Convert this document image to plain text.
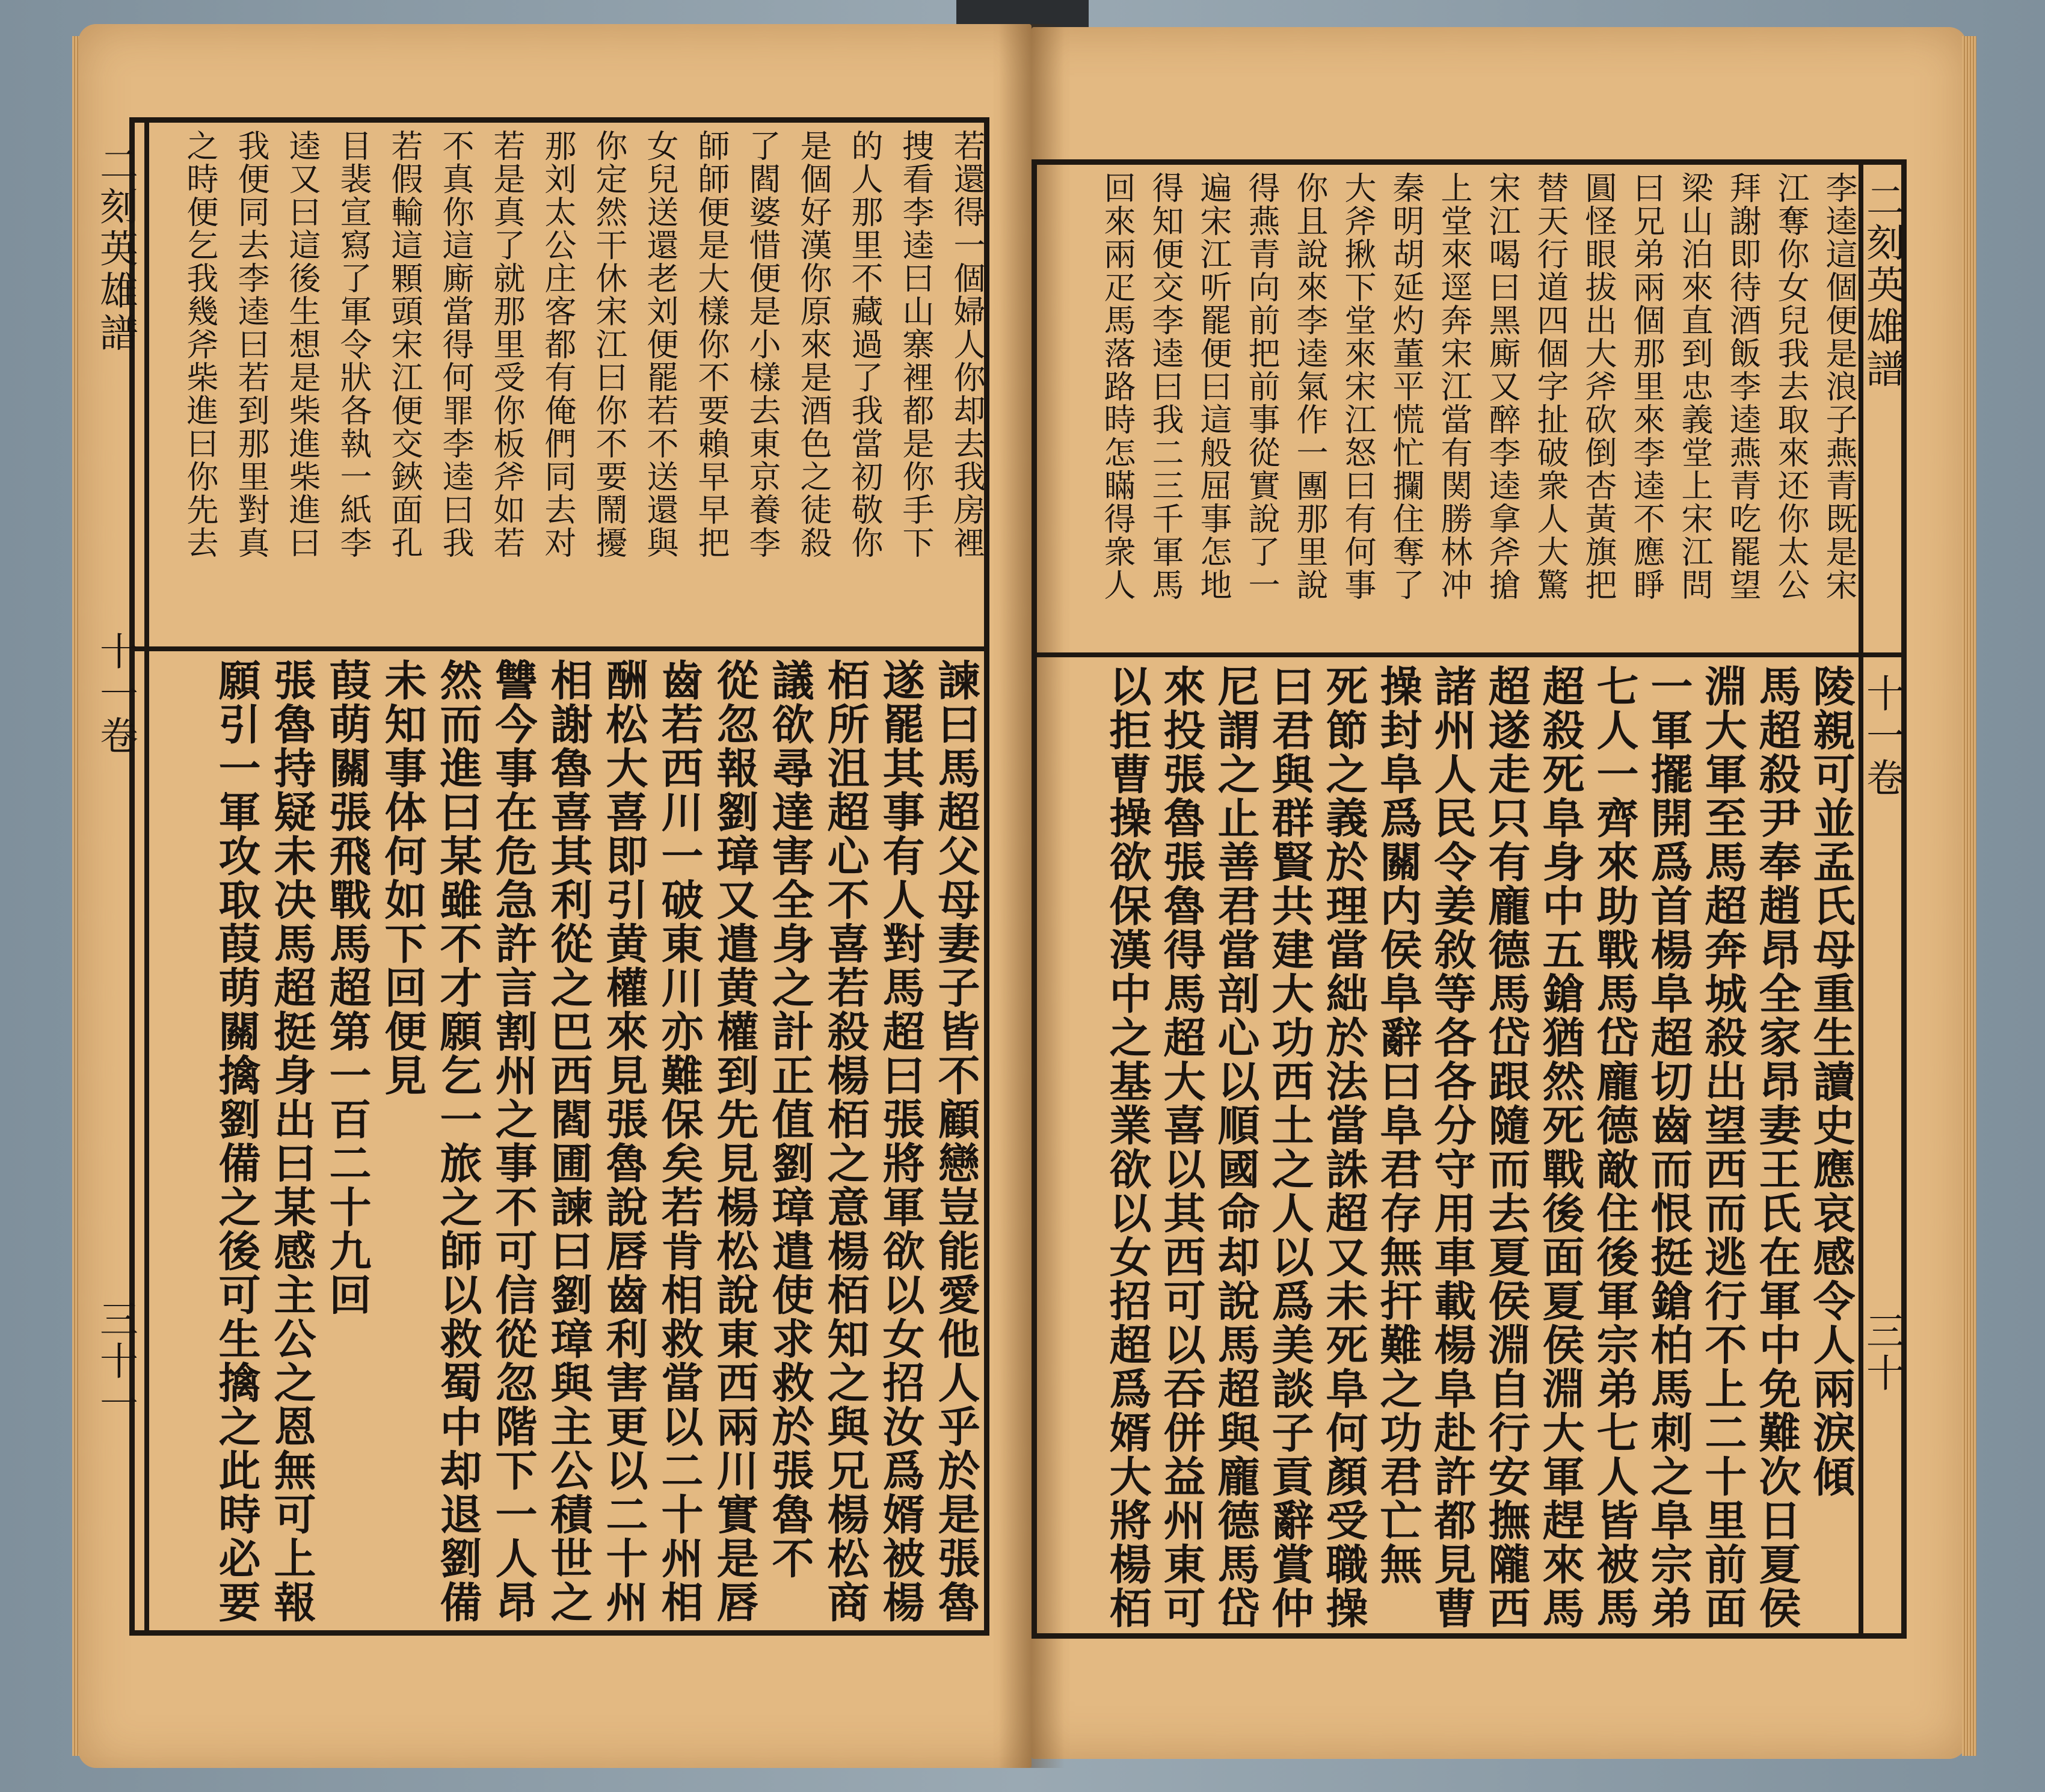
二刻英雄譜
十一卷
三十
二刻英雄譜
十一卷
三十一
李逵這個便是浪子燕青既是宋
江奪你女兒我去取來还你太公
拜謝即待酒飯李逵燕青吃罷望
梁山泊來直到忠義堂上宋江問
曰兄弟兩個那里來李逵不應睜
圓怪眼拔出大斧砍倒杏黃旗把
替天行道四個字扯破衆人大驚
宋江喝曰黑廝又醉李逵拿斧搶
上堂來逕奔宋江當有関勝林冲
秦明胡延灼董平慌忙攔住奪了
大斧揪下堂來宋江怒曰有何事
你且說來李逵氣作一團那里說
得燕青向前把前事從實說了一
遍宋江听罷便曰這般屈事怎地
得知便交李逵曰我二三千軍馬
回來兩疋馬落路時怎瞞得衆人
陵親可並孟氏母重生讀史應哀感令人兩淚傾
馬超殺尹奉趙昂全家昂妻王氏在軍中免難次日夏侯
淵大軍至馬超奔城殺出望西而逃行不上二十里前面
一軍擺開爲首楊阜超切齒而恨挺鎗柏馬刺之阜宗弟
七人一齊來助戰馬岱龐德敵住後軍宗弟七人皆被馬
超殺死阜身中五鎗猶然死戰後面夏侯淵大軍趕來馬
超遂走只有龐德馬岱跟隨而去夏侯淵自行安撫隴西
諸州人民令姜敘等各各分守用車載楊阜赴許都見曹
操封阜爲關内侯阜辭曰阜君存無扞難之功君亡無
死節之義於理當絀於法當誅超又未死阜何顏受職操
曰君與群賢共建大功西土之人以爲美談子貢辭賞仲
尼謂之止善君當剖心以順國命却說馬超與龐德馬岱
來投張魯張魯得馬超大喜以其西可以吞併益州東可
以拒曹操欲保漢中之基業欲以女招超爲婿大將楊栢
若還得一個婦人你却去我房裡
捜看李逵曰山寨裡都是你手下
的人那里不藏過了我當初敬你
是個好漢你原來是酒色之徒殺
了閻婆惜便是小樣去東京養李
師師便是大樣你不要賴早早把
女兒送還老刘便罷若不送還與
你定然干休宋江曰你不要鬧擾
那刘太公庄客都有俺們同去对
若是真了就那里受你板斧如若
不真你這廝當得何罪李逵曰我
若假輸這顆頭宋江便交鋏面孔
目裴宣寫了軍令狀各執一紙李
逵又曰這後生想是柴進柴進曰
我便同去李逵曰若到那里對真
之時便乞我幾斧柴進曰你先去
諫曰馬超父母妻子皆不顧戀豈能愛他人乎於是張魯
遂罷其事有人對馬超曰張將軍欲以女招汝爲婿被楊
栢所沮超心不喜若殺楊栢之意楊栢知之與兄楊松商
議欲尋達害全身之計正值劉璋遣使求救於張魯不
從忽報劉璋又遣黄權到先見楊松說東西兩川實是唇
齒若西川一破東川亦難保矣若肯相救當以二十州相
酬松大喜即引黄權來見張魯說唇齒利害更以二十州
相謝魯喜其利從之巴西閻圃諫曰劉璋與主公積世之
讐今事在危急許言割州之事不可信從忽階下一人昂
然而進曰某雖不才願乞一旅之師以救蜀中却退劉備
未知事体何如下回便見
葭萌關張飛戰馬超第一百二十九回
張魯持疑未决馬超挺身出曰某感主公之恩無可上報
願引一軍攻取葭萌關擒劉備之後可生擒之此時必要
